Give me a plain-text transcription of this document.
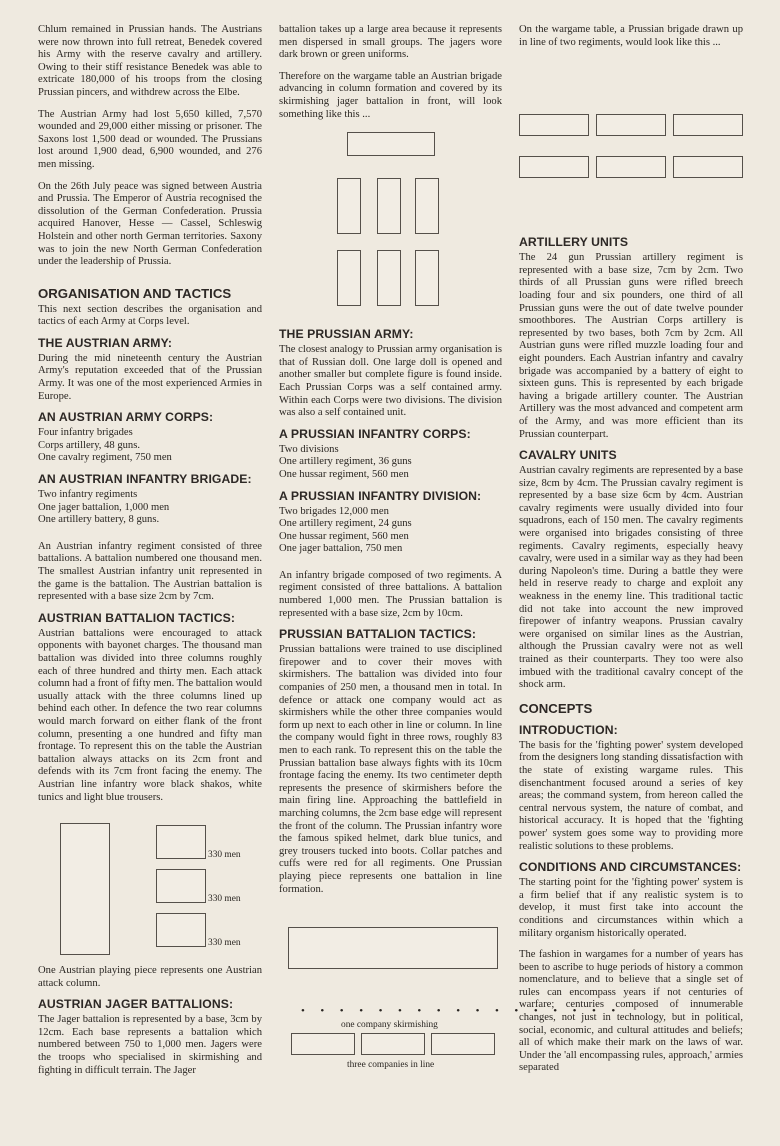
Chlum remained in Prussian hands. The Austrians were now thrown into full retreat, Benedek covered his Army with the reserve cavalry and artillery. Owing to their stiff resistance Benedek was able to extricate 180,000 of his troops from the closing Prussian pincers, and withdrew across the Elbe.

The Austrian Army had lost 5,650 killed, 7,570 wounded and 29,000 either missing or prisoner. The Saxons lost 1,500 dead or wounded. The Prussians lost around 1,900 dead, 6,900 wounded, and 276 men missing.

On the 26th July peace was signed between Austria and Prussia. The Emperor of Austria recognised the dissolution of the German Confederation. Prussia acquired Hanover, Hesse — Cassel, Schleswig Holstein and other north German territories. Saxony was to join the new North German Confederation under the leadership of Prussia.

ORGANISATION AND TACTICS

This next section describes the organisation and tactics of each Army at Corps level.

THE AUSTRIAN ARMY:

During the mid nineteenth century the Austrian Army's reputation exceeded that of the Prussian Army. It was one of the most experienced Armies in Europe.

AN AUSTRIAN ARMY CORPS:
Four infantry brigades
Corps artillery, 48 guns.
One cavalry regiment, 750 men
AN AUSTRIAN INFANTRY BRIGADE:
Two infantry regiments
One jager battalion, 1,000 men
One artillery battery, 8 guns.

An Austrian infantry regiment consisted of three battalions. A battalion numbered one thousand men. The smallest Austrian infantry unit represented in the game is the battalion. The Austrian battalion is represented with a base size 2cm by 7cm.

AUSTRIAN BATTALION TACTICS:

Austrian battalions were encouraged to attack opponents with bayonet charges. The thousand man battalion was divided into three columns roughly each of three hundred and thirty men. Each attack column had a front of fifty men. The battalion would usually attack with the three columns lined up behind each other. In defence the two rear columns would march forward on either flank of the front column, presenting a one hundred and fifty man frontage. To represent this on the table the Austrian battalion always attacks on its 2cm front and defends with its 7cm front facing the enemy. The Austrian line infantry wore black shakos, white tunics and light blue trousers.

330 men
330 men
330 men

One Austrian playing piece represents one Austrian attack column.

AUSTRIAN JAGER BATTALIONS:

The Jager battalion is represented by a base, 3cm by 12cm. Each base represents a battalion which numbered between 750 to 1,000 men. Jagers were the troops who specialised in skirmishing and fighting in difficult terrain. The Jager

battalion takes up a large area because it represents men dispersed in small groups. The jagers wore dark brown or green uniforms.

Therefore on the wargame table an Austrian brigade advancing in column formation and covered by its skirmishing jager battalion in front, will look something like this ...

THE PRUSSIAN ARMY:

The closest analogy to Prussian army organisation is that of Russian doll. One large doll is opened and another smaller but complete figure is found inside. Each Prussian Corps was a self contained army. Within each Corps were two divisions. The division was also a self contained unit.

A PRUSSIAN INFANTRY CORPS:
Two divisions
One artillery regiment, 36 guns
One hussar regiment, 560 men
A PRUSSIAN INFANTRY DIVISION:
Two brigades 12,000 men
One artillery regiment, 24 guns
One hussar regiment, 560 men
One jager battalion, 750 men

An infantry brigade composed of two regiments. A regiment consisted of three battalions. A battalion numbered 1,000 men. The Prussian battalion is represented with a base size, 2cm by 10cm.

PRUSSIAN BATTALION TACTICS:

Prussian battalions were trained to use disciplined firepower and to cover their moves with skirmishers. The battalion was divided into four companies of 250 men, a thousand men in total. In defence or attack one company would act as skirmishers while the other three companies would form up next to each other in line or column. In line the company would fight in three rows, roughly 83 men to each rank. To represent this on the table the Prussian battalion base always fights with its 10cm frontage facing the enemy. Its two centimeter depth represents the presence of skirmishers before the main firing line. Approaching the battlefield in marching columns, the 2cm base edge will represent the front of the column. The Prussian infantry wore the famous spiked helmet, dark blue tunics, and grey trousers tucked into boots. Collar patches and cuffs were red for all regiments. One Prussian playing piece represents one battalion in line formation.

• • • • • • • • • • • • • • • • •
one company skirmishing
three companies in line

On the wargame table, a Prussian brigade drawn up in line of two regiments, would look like this ...

ARTILLERY UNITS

The 24 gun Prussian artillery regiment is represented with a base size, 7cm by 2cm. Two thirds of all Prussian guns were rifled breech loading four and six pounders, one third of all Prussian guns were the out of date twelve pounder smoothbores. The Austrian Corps artillery is represented by two bases, both 7cm by 2cm. All Austrian guns were rifled muzzle loading four and eight pounders. Each Austrian infantry and cavalry brigade was accompanied by a battery of eight to sixteen guns. This is represented by each brigade having a brigade artillery counter. The Austrian Artillery was the most advanced and competent arm of the Army, and was more efficient than its Prussian counterpart.

CAVALRY UNITS

Austrian cavalry regiments are represented by a base size, 8cm by 4cm. The Prussian cavalry regiment is represented by a base size 6cm by 4cm. Austrian cavalry regiments were usually divided into four squadrons, each of 150 men. The cavalry regiments were organised into brigades consisting of three regiments. Cavalry regiments, especially heavy cavalry, were used in a similar way as they had been during Napoleon's time. During a battle they were held in reserve ready to charge and exploit any weakness in the enemy line. This traditional tactic did not take into account the new improved firepower of infantry weapons. Prussian cavalry were organised on similar lines as the Austrian, although the Prussian cavalry were not as well trained as their counterparts. They too were also imbued with the traditional cavalry concept of the shock arm.

CONCEPTS
INTRODUCTION:

The basis for the 'fighting power' system developed from the designers long standing dissatisfaction with the state of existing wargame rules. This disenchantment focused around a series of key areas; the command system, from hereon called the central nervous system, the nature of combat, and historical accuracy. It is hoped that the 'fighting power' system goes some way to providing more realistic solutions to these problems.

CONDITIONS AND CIRCUMSTANCES:

The starting point for the 'fighting power' system is a firm belief that if any realistic system is to develop, it must first take into account the conditions and circumstances within which a military organism historically operated.

The fashion in wargames for a number of years has been to ascribe to huge periods of history a common nomenclature, and to believe that a single set of rules can encompass years if not centuries of warfare; centuries composed of innumerable changes, not just in technology, but in political, social, economic, and cultural attitudes and beliefs; all of which make their mark on the laws of war. Under the 'all encompassing rules, approach,' armies separated
